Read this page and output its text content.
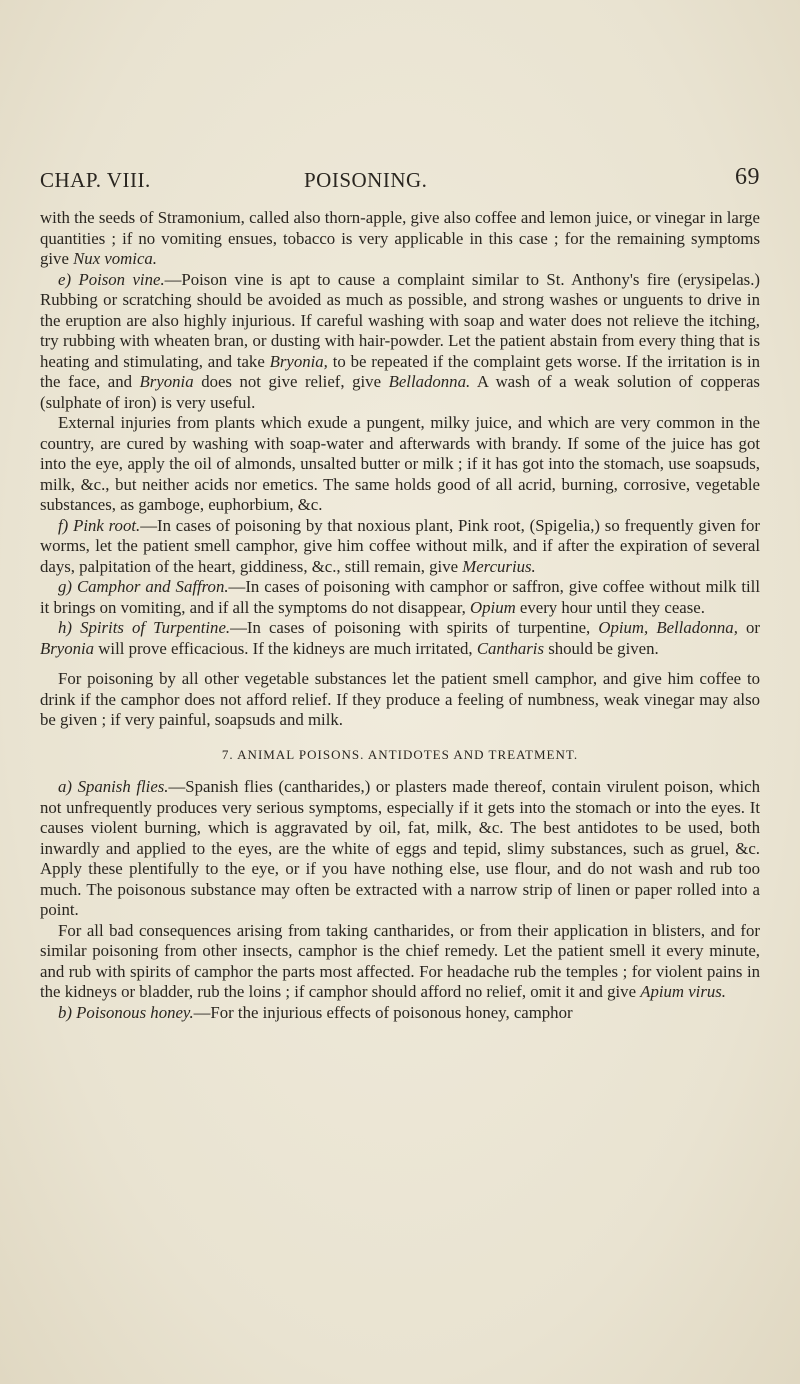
CHAP. VIII.	POISONING.	69

with the seeds of Stramonium, called also thorn-apple, give also coffee and lemon juice, or vinegar in large quantities ; if no vomiting ensues, tobacco is very applicable in this case ; for the remaining symptoms give Nux vomica.

e) Poison vine.—Poison vine is apt to cause a complaint similar to St. Anthony's fire (erysipelas.) Rubbing or scratching should be avoided as much as possible, and strong washes or unguents to drive in the eruption are also highly injurious. If careful washing with soap and water does not relieve the itching, try rubbing with wheaten bran, or dusting with hair-powder. Let the patient abstain from every thing that is heating and stimulating, and take Bryonia, to be repeated if the complaint gets worse. If the irritation is in the face, and Bryonia does not give relief, give Belladonna. A wash of a weak solution of copperas (sulphate of iron) is very useful.

External injuries from plants which exude a pungent, milky juice, and which are very common in the country, are cured by washing with soap-water and afterwards with brandy. If some of the juice has got into the eye, apply the oil of almonds, unsalted butter or milk ; if it has got into the stomach, use soapsuds, milk, &c., but neither acids nor emetics. The same holds good of all acrid, burning, corrosive, vegetable substances, as gamboge, euphorbium, &c.

f) Pink root.—In cases of poisoning by that noxious plant, Pink root, (Spigelia,) so frequently given for worms, let the patient smell camphor, give him coffee without milk, and if after the expiration of several days, palpitation of the heart, giddiness, &c., still remain, give Mercurius.

g) Camphor and Saffron.—In cases of poisoning with camphor or saffron, give coffee without milk till it brings on vomiting, and if all the symptoms do not disappear, Opium every hour until they cease.

h) Spirits of Turpentine.—In cases of poisoning with spirits of turpentine, Opium, Belladonna, or Bryonia will prove efficacious. If the kidneys are much irritated, Cantharis should be given.

For poisoning by all other vegetable substances let the patient smell camphor, and give him coffee to drink if the camphor does not afford relief. If they produce a feeling of numbness, weak vinegar may also be given ; if very painful, soapsuds and milk.

7. ANIMAL POISONS. ANTIDOTES AND TREATMENT.

a) Spanish flies.—Spanish flies (cantharides,) or plasters made thereof, contain virulent poison, which not unfrequently produces very serious symptoms, especially if it gets into the stomach or into the eyes. It causes violent burning, which is aggravated by oil, fat, milk, &c. The best antidotes to be used, both inwardly and applied to the eyes, are the white of eggs and tepid, slimy substances, such as gruel, &c. Apply these plentifully to the eye, or if you have nothing else, use flour, and do not wash and rub too much. The poisonous substance may often be extracted with a narrow strip of linen or paper rolled into a point.

For all bad consequences arising from taking cantharides, or from their application in blisters, and for similar poisoning from other insects, camphor is the chief remedy. Let the patient smell it every minute, and rub with spirits of camphor the parts most affected. For headache rub the temples ; for violent pains in the kidneys or bladder, rub the loins ; if camphor should afford no relief, omit it and give Apium virus.

b) Poisonous honey.—For the injurious effects of poisonous honey, camphor
